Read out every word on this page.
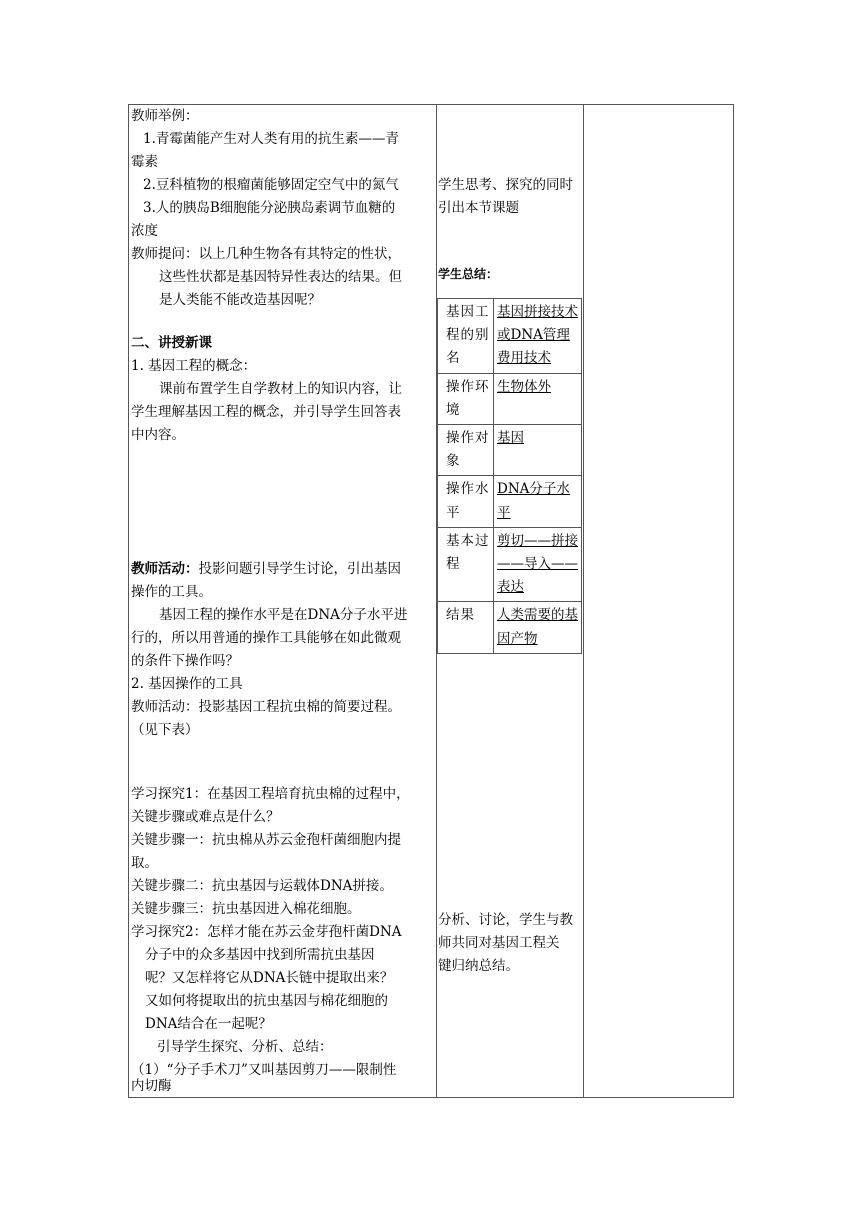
教师举例：
1.青霉菌能产生对人类有用的抗生素——青
霉素
2.豆科植物的根瘤菌能够固定空气中的氮气
3.人的胰岛B细胞能分泌胰岛素调节血糖的
浓度
教师提问：以上几种生物各有其特定的性状，
这些性状都是基因特异性表达的结果。但
是人类能不能改造基因呢？
二、讲授新课
1. 基因工程的概念：
课前布置学生自学教材上的知识内容，让
学生理解基因工程的概念，并引导学生回答表
中内容。
教师活动：投影问题引导学生讨论，引出基因
操作的工具。
基因工程的操作水平是在DNA分子水平进
行的，所以用普通的操作工具能够在如此微观
的条件下操作吗？
2. 基因操作的工具
教师活动：投影基因工程抗虫棉的简要过程。
（见下表）
学习探究1：在基因工程培育抗虫棉的过程中，
关键步骤或难点是什么？
关键步骤一：抗虫棉从苏云金孢杆菌细胞内提
取。
关键步骤二：抗虫基因与运载体DNA拼接。
关键步骤三：抗虫基因进入棉花细胞。
学习探究2：怎样才能在苏云金芽孢杆菌DNA
分子中的众多基因中找到所需抗虫基因
呢？又怎样将它从DNA长链中提取出来？
又如何将提取出的抗虫基因与棉花细胞的
DNA结合在一起呢？
引导学生探究、分析、总结：
（1）“分子手术刀”又叫基因剪刀——限制性
内切酶
学生思考、探究的同时
引出本节课题
学生总结：
基因工程的别名	基因拼接技术或DNA管理费用技术
操作环境	生物体外
操作对象	基因
操作水平	DNA分子水平
基本过程	剪切——拼接——导入——表达
结果	人类需要的基因产物
分析、讨论，学生与教
师共同对基因工程关
键归纳总结。
